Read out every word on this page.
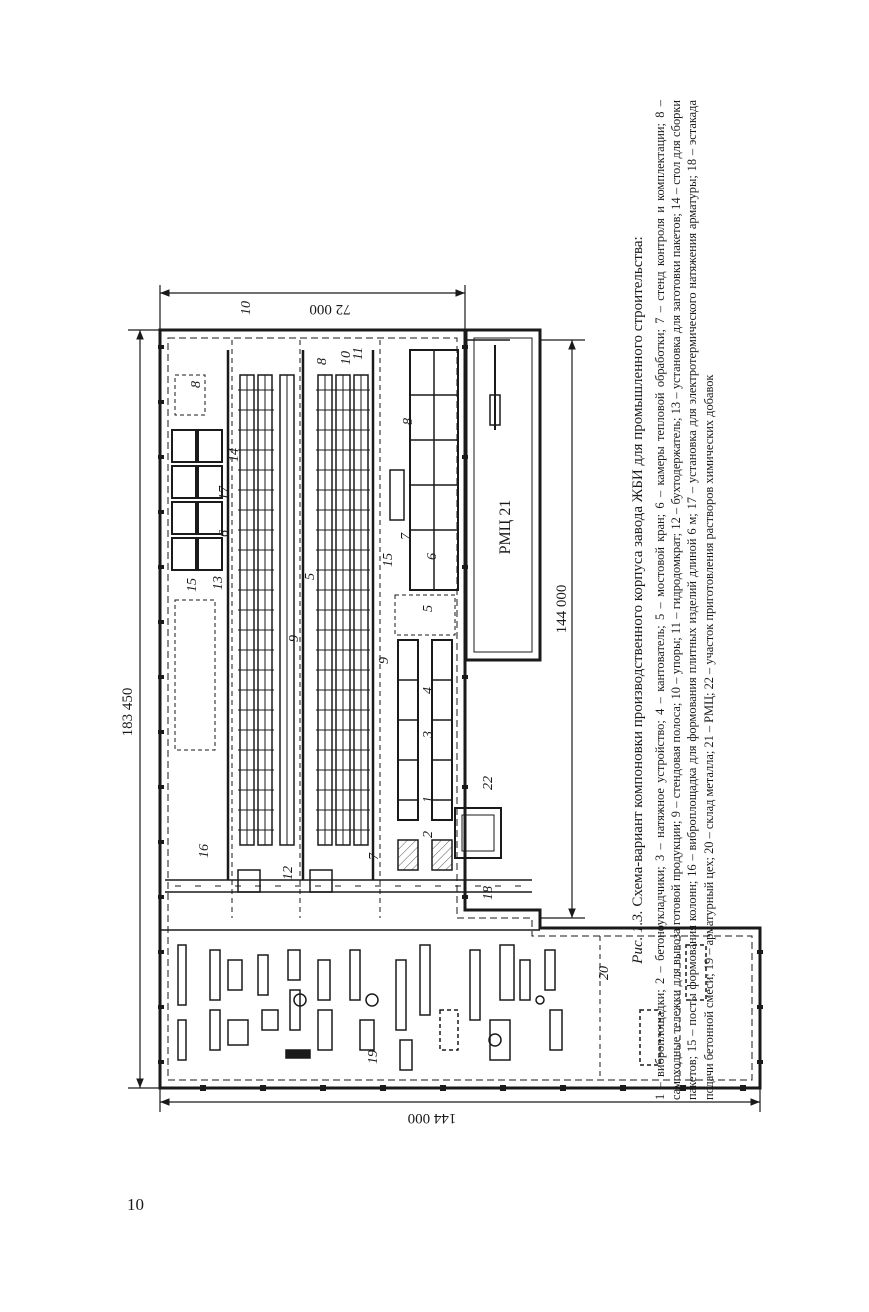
72 000
183 450
144 000
144 000
РМЦ 21
1
2
3
4
5
5
6
6	7
7
8
8
8
9
9
10
10
11
12
13
14
15
15
16
17
18
19
20
22

Рис. 1.3. Схема-вариант компоновки производственного корпуса завода ЖБИ для промышленного строительства: 1 – виброплощадки; 2 – бетоноукладчики; 3 – натяжное устройство; 4 – кантователь; 5 – мостовой кран; 6 – камеры тепловой обработки; 7 – стенд контроля и комплектации; 8 – самоходные тележки для вывоза готовой продукции; 9 – стендовая полоса; 10 – упоры; 11 – гидродомкрат; 12 – бухтодержатель; 13 – установка для заготовки пакетов; 14 – стол для сборки пакетов; 15 – посты формования колонн; 16 – виброплощадка для формования плитных изделий длиной 6 м; 17 – установка для электротермического натяжения арматуры; 18 – эстакада подачи бетонной смеси; 19 – арматурный цех; 20 – склад металла; 21 – РМЦ; 22 – участок приготовления растворов химических добавок

10
